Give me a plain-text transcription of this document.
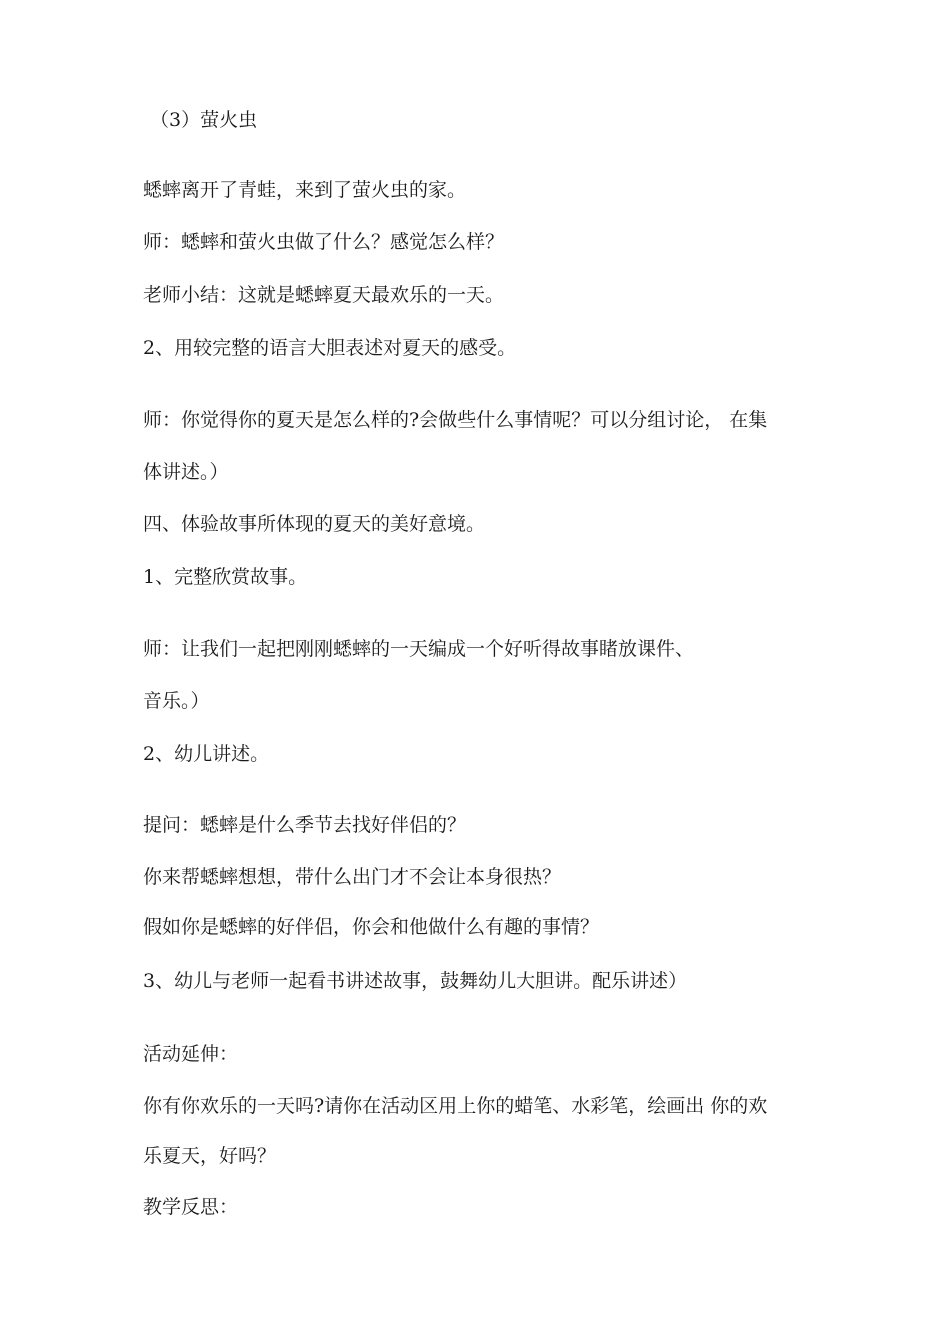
（3）萤火虫
蟋蟀离开了青蛙，来到了萤火虫的家。
师：蟋蟀和萤火虫做了什么？感觉怎么样？
老师小结：这就是蟋蟀夏天最欢乐的一天。
2、用较完整的语言大胆表述对夏天的感受。
师：你觉得你的夏天是怎么样的?会做些什么事情呢？可以分组讨论， 在集
体讲述。）
四、体验故事所体现的夏天的美好意境。
1、完整欣赏故事。
师：让我们一起把刚刚蟋蟀的一天编成一个好听得故事睹放课件、
音乐。）
2、幼儿讲述。
提问：蟋蟀是什么季节去找好伴侣的？
你来帮蟋蟀想想，带什么出门才不会让本身很热？
假如你是蟋蟀的好伴侣，你会和他做什么有趣的事情？
3、幼儿与老师一起看书讲述故事，鼓舞幼儿大胆讲。配乐讲述）
活动延伸：
你有你欢乐的一天吗?请你在活动区用上你的蜡笔、水彩笔，绘画出 你的欢
乐夏天，好吗？
教学反思：
